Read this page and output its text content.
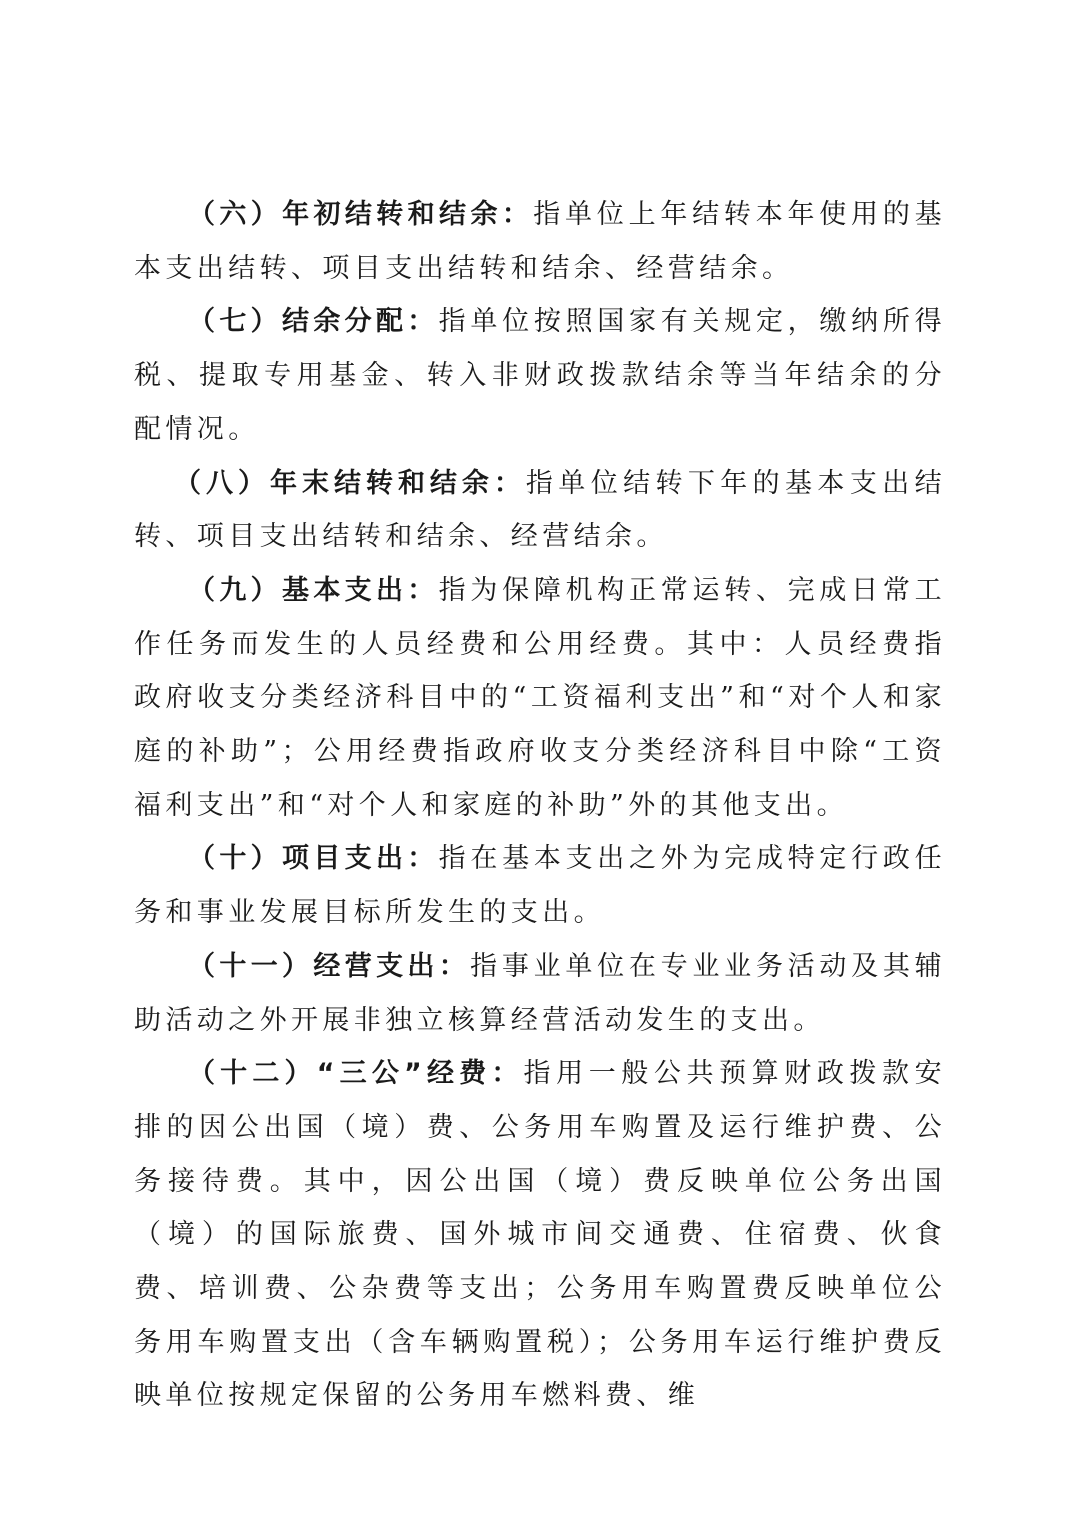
（六）年初结转和结余：指单位上年结转本年使用的基本支出结转、项目支出结转和结余、经营结余。

（七）结余分配：指单位按照国家有关规定，缴纳所得税、提取专用基金、转入非财政拨款结余等当年结余的分配情况。

（八）年末结转和结余：指单位结转下年的基本支出结转、项目支出结转和结余、经营结余。

（九）基本支出：指为保障机构正常运转、完成日常工作任务而发生的人员经费和公用经费。其中：人员经费指政府收支分类经济科目中的“工资福利支出”和“对个人和家庭的补助”；公用经费指政府收支分类经济科目中除“工资福利支出”和“对个人和家庭的补助”外的其他支出。

（十）项目支出：指在基本支出之外为完成特定行政任务和事业发展目标所发生的支出。

（十一）经营支出：指事业单位在专业业务活动及其辅助活动之外开展非独立核算经营活动发生的支出。

（十二）“三公”经费：指用一般公共预算财政拨款安排的因公出国（境）费、公务用车购置及运行维护费、公务接待费。其中，因公出国（境）费反映单位公务出国（境）的国际旅费、国外城市间交通费、住宿费、伙食费、培训费、公杂费等支出；公务用车购置费反映单位公务用车购置支出（含车辆购置税）；公务用车运行维护费反映单位按规定保留的公务用车燃料费、维
